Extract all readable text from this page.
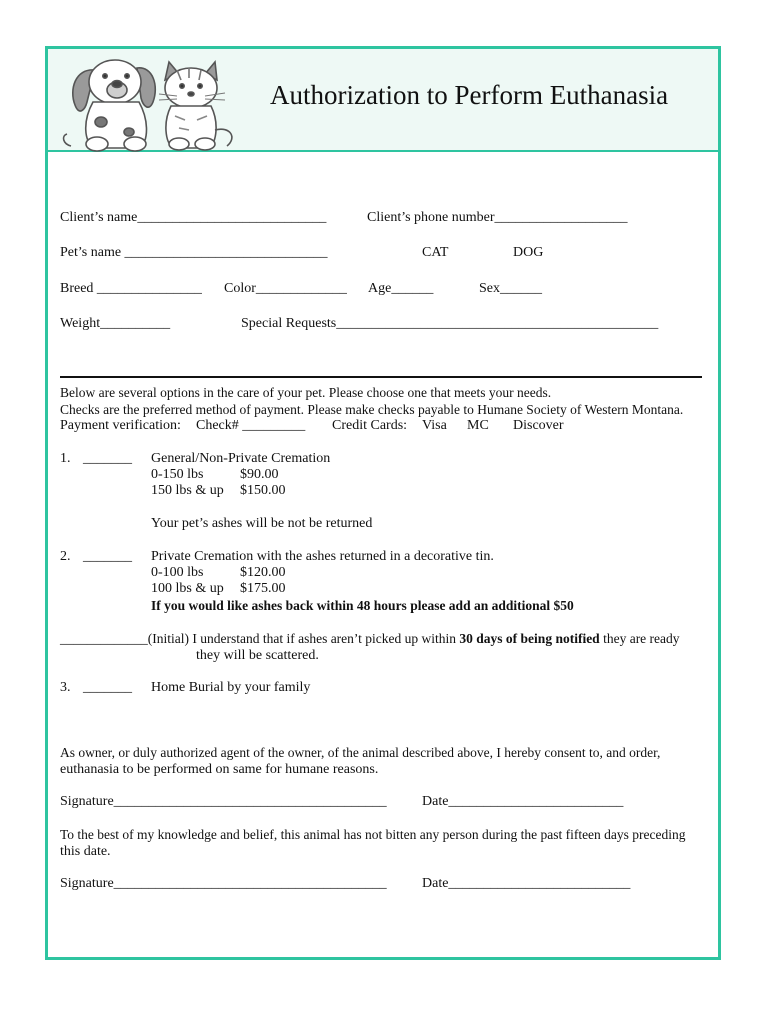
Authorization to Perform Euthanasia
Client’s name___________________________	Client’s phone number___________________
Pet’s name _____________________________	CAT	DOG
Breed _______________ Color_____________ Age______	Sex______
Weight__________	Special Requests______________________________________________
Below are several options in the care of your pet. Please choose one that meets your needs.
Checks are the preferred method of payment. Please make checks payable to Humane Society of Western Montana.
Payment verification: Check# _________ Credit Cards: Visa MC Discover
1. _______ General/Non-Private Cremation
0-150 lbs	$90.00
150 lbs & up $150.00
Your pet’s ashes will be not be returned
2. _______ Private Cremation with the ashes returned in a decorative tin.
0-100 lbs	$120.00
100 lbs & up $175.00
If you would like ashes back within 48 hours please add an additional $50
_____________(Initial) I understand that if ashes aren’t picked up within 30 days of being notified they are ready
they will be scattered.
3. _______ Home Burial by your family
As owner, or duly authorized agent of the owner, of the animal described above, I hereby consent to, and order,
euthanasia to be performed on same for humane reasons.
Signature_______________________________________	Date_________________________
To the best of my knowledge and belief, this animal has not bitten any person during the past fifteen days preceding
this date.
Signature_______________________________________	Date__________________________
